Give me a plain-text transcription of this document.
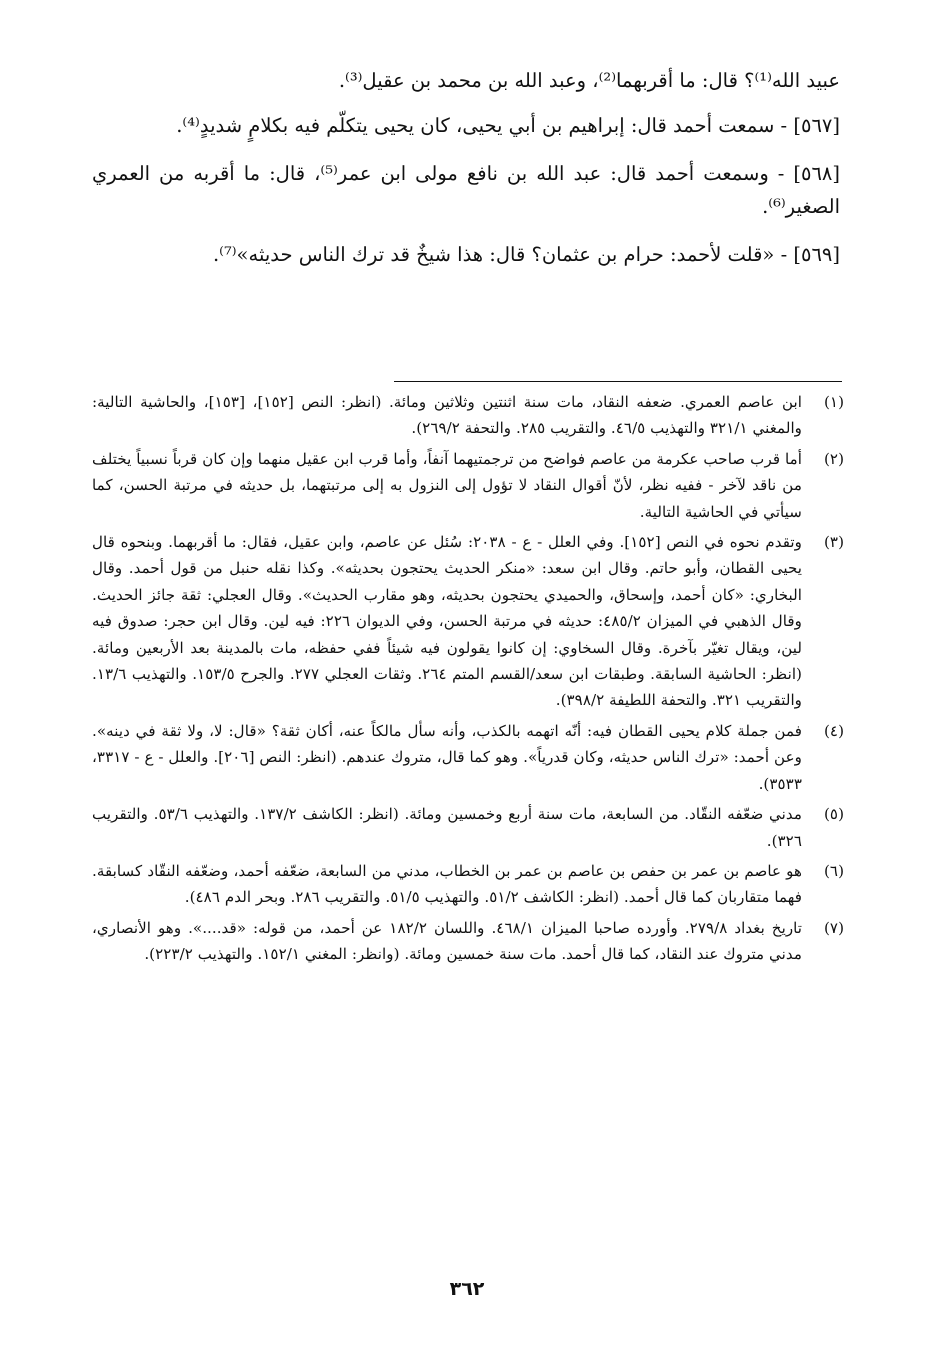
عبيد الله⁽¹⁾؟ قال: ما أقربهما⁽²⁾، وعبد الله بن محمد بن عقيل⁽³⁾.

[٥٦٧] - سمعت أحمد قال: إبراهيم بن أبي يحيى، كان يحيى يتكلّم فيه بكلامٍ شديدٍ⁽⁴⁾.

[٥٦٨] - وسمعت أحمد قال: عبد الله بن نافع مولى ابن عمر⁽⁵⁾، قال: ما أقربه من العمري الصغير⁽⁶⁾.

[٥٦٩] - «قلت لأحمد: حرام بن عثمان؟ قال: هذا شيخٌ قد ترك الناس حديثه»⁽⁷⁾.

(١)
ابن عاصم العمري. ضعفه النقاد، مات سنة اثنتين وثلاثين ومائة. (انظر: النص [١٥٢]، [١٥٣]، والحاشية التالية: والمغني ٣٢١/١ والتهذيب ٤٦/٥. والتقريب ٢٨٥. والتحفة ٢٦٩/٢).
(٢)
أما قرب صاحب عكرمة من عاصم فواضح من ترجمتيهما آنفاً، وأما قرب ابن عقيل منهما وإن كان قرباً نسبياً يختلف من ناقد لآخر - ففيه نظر، لأنّ أقوال النقاد لا تؤول إلى النزول به إلى مرتبتهما، بل حديثه في مرتبة الحسن، كما سيأتي في الحاشية التالية.
(٣)
وتقدم نحوه في النص [١٥٢]. وفي العلل - ع - ٢٠٣٨: سُئل عن عاصم، وابن عقيل، فقال: ما أقربهما. وبنحوه قال يحيى القطان، وأبو حاتم. وقال ابن سعد: «منكر الحديث يحتجون بحديثه». وكذا نقله حنبل من قول أحمد. وقال البخاري: «كان أحمد، وإسحاق، والحميدي يحتجون بحديثه، وهو مقارب الحديث». وقال العجلي: ثقة جائز الحديث. وقال الذهبي في الميزان ٤٨٥/٢: حديثه في مرتبة الحسن، وفي الديوان ٢٢٦: فيه لين. وقال ابن حجر: صدوق فيه لين، ويقال تغيّر بآخرة. وقال السخاوي: إن كانوا يقولون فيه شيئاً ففي حفظه، مات بالمدينة بعد الأربعين ومائة. (انظر: الحاشية السابقة. وطبقات ابن سعد/القسم المتم ٢٦٤. وثقات العجلي ٢٧٧. والجرح ١٥٣/٥. والتهذيب ١٣/٦. والتقريب ٣٢١. والتحفة اللطيفة ٣٩٨/٢).
(٤)
فمن جملة كلام يحيى القطان فيه: أنّه اتهمه بالكذب، وأنه سأل مالكاً عنه، أكان ثقة؟ «قال: لا، ولا ثقة في دينه». وعن أحمد: «ترك الناس حديثه، وكان قدرياً». وهو كما قال، متروك عندهم. (انظر: النص [٢٠٦]. والعلل - ع - ٣٣١٧، ٣٥٣٣).
(٥)
مدني ضعّفه النقّاد. من السابعة، مات سنة أربع وخمسين ومائة. (انظر: الكاشف ١٣٧/٢. والتهذيب ٥٣/٦. والتقريب ٣٢٦).
(٦)
هو عاصم بن عمر بن حفص بن عاصم بن عمر بن الخطاب، مدني من السابعة، ضعّفه أحمد، وضعّفه النقّاد كسابقة. فهما متقاربان كما قال أحمد. (انظر: الكاشف ٥١/٢. والتهذيب ٥١/٥. والتقريب ٢٨٦. وبحر الدم ٤٨٦).
(٧)
تاريخ بغداد ٢٧٩/٨. وأورده صاحبا الميزان ٤٦٨/١. واللسان ١٨٢/٢ عن أحمد، من قوله: «قد....». وهو الأنصاري، مدني متروك عند النقاد، كما قال أحمد. مات سنة خمسين ومائة. (وانظر: المغني ١٥٢/١. والتهذيب ٢٢٣/٢).
٣٦٢
